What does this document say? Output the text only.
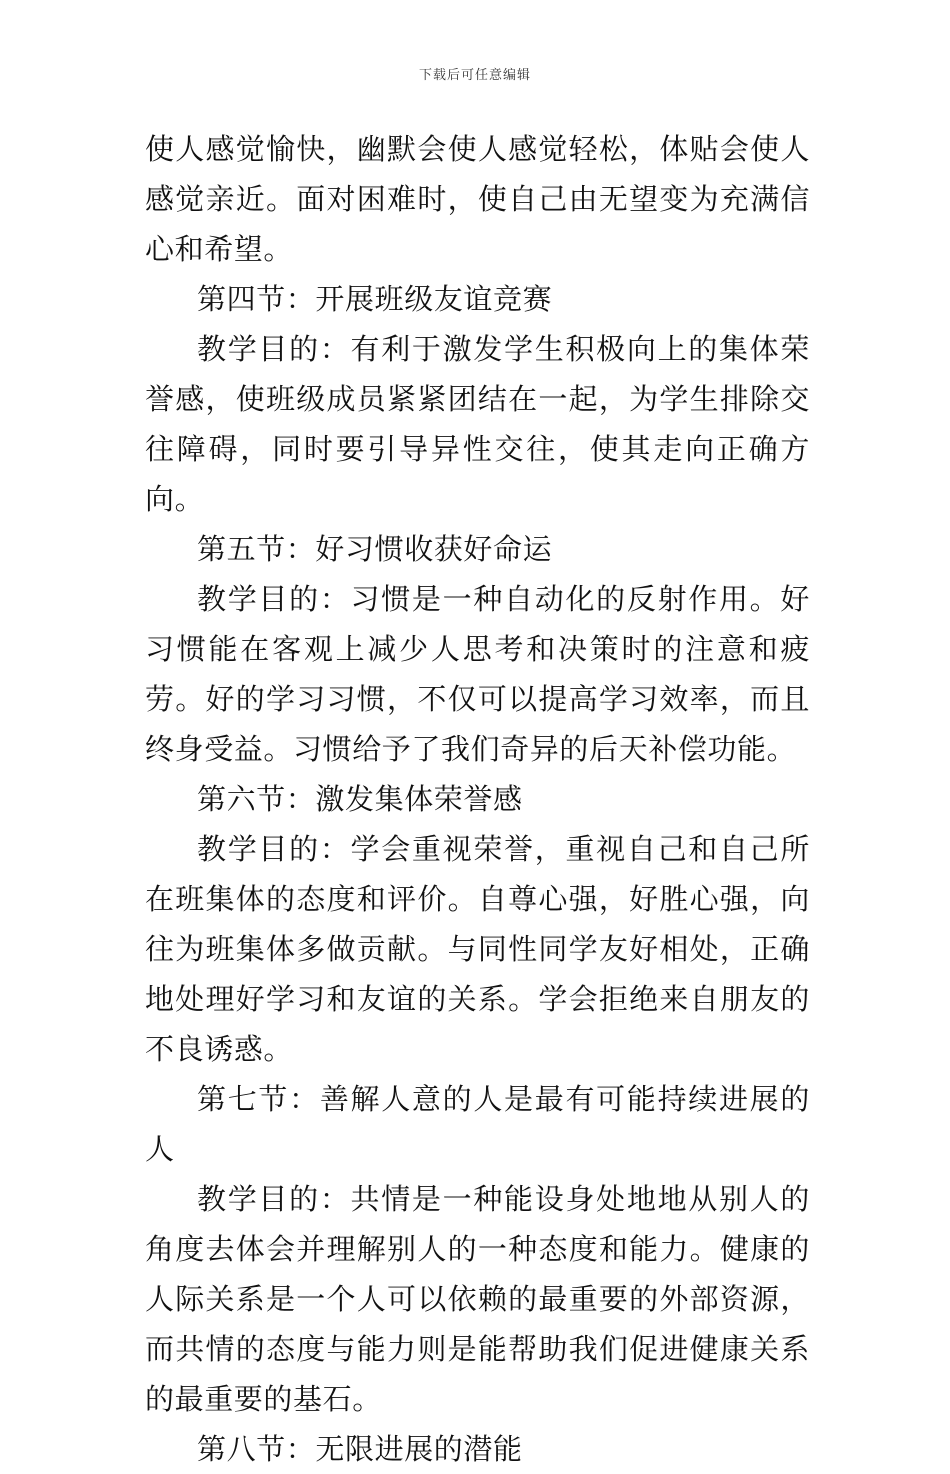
下载后可任意编辑

使人感觉愉快，幽默会使人感觉轻松，体贴会使人感觉亲近。面对困难时，使自己由无望变为充满信心和希望。

第四节：开展班级友谊竞赛

教学目的：有利于激发学生积极向上的集体荣誉感，使班级成员紧紧团结在一起，为学生排除交往障碍，同时要引导异性交往，使其走向正确方向。

第五节：好习惯收获好命运

教学目的：习惯是一种自动化的反射作用。好习惯能在客观上减少人思考和决策时的注意和疲劳。好的学习习惯，不仅可以提高学习效率，而且终身受益。习惯给予了我们奇异的后天补偿功能。

第六节：激发集体荣誉感

教学目的：学会重视荣誉，重视自己和自己所在班集体的态度和评价。自尊心强，好胜心强，向往为班集体多做贡献。与同性同学友好相处，正确地处理好学习和友谊的关系。学会拒绝来自朋友的不良诱惑。

第七节：善解人意的人是最有可能持续进展的人

教学目的：共情是一种能设身处地地从别人的角度去体会并理解别人的一种态度和能力。健康的人际关系是一个人可以依赖的最重要的外部资源，而共情的态度与能力则是能帮助我们促进健康关系的最重要的基石。

第八节：无限进展的潜能
